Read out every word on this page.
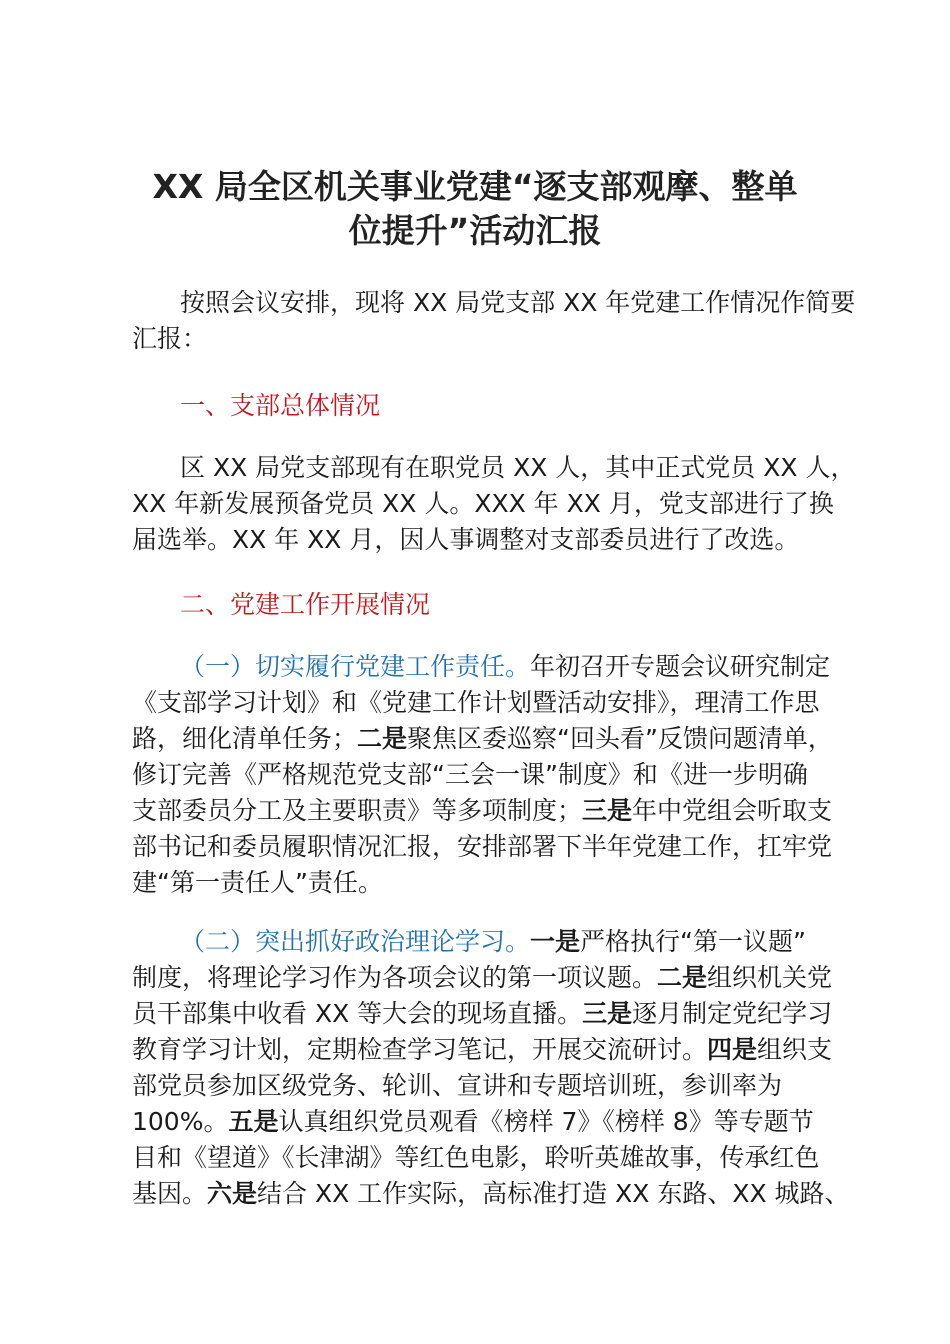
XX 局全区机关事业党建“逐支部观摩、整单
位提升”活动汇报
按照会议安排，现将 XX 局党支部 XX 年党建工作情况作简要
汇报：
一、支部总体情况
区 XX 局党支部现有在职党员 XX 人，其中正式党员 XX 人，
XX 年新发展预备党员 XX 人。XXX 年 XX 月，党支部进行了换
届选举。XX 年 XX 月，因人事调整对支部委员进行了改选。
二、党建工作开展情况
（一）切实履行党建工作责任。年初召开专题会议研究制定
《支部学习计划》和《党建工作计划暨活动安排》，理清工作思
路，细化清单任务；二是聚焦区委巡察“回头看”反馈问题清单，
修订完善《严格规范党支部“三会一课”制度》和《进一步明确
支部委员分工及主要职责》等多项制度；三是年中党组会听取支
部书记和委员履职情况汇报，安排部署下半年党建工作，扛牢党
建“第一责任人”责任。
（二）突出抓好政治理论学习。一是严格执行“第一议题”
制度，将理论学习作为各项会议的第一项议题。二是组织机关党
员干部集中收看 XX 等大会的现场直播。三是逐月制定党纪学习
教育学习计划，定期检查学习笔记，开展交流研讨。四是组织支
部党员参加区级党务、轮训、宣讲和专题培训班，参训率为
100%。五是认真组织党员观看《榜样 7》《榜样 8》等专题节
目和《望道》《长津湖》等红色电影，聆听英雄故事，传承红色
基因。六是结合 XX 工作实际，高标准打造 XX 东路、XX 城路、
